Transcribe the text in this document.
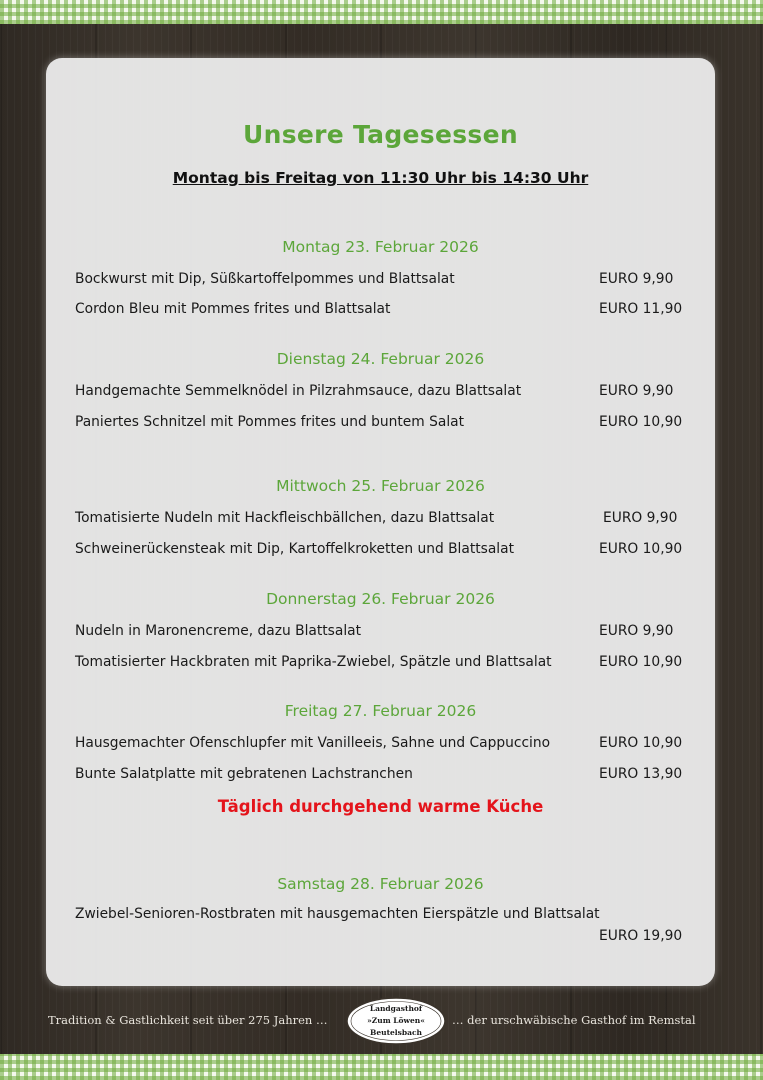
Unsere Tagesessen
Montag bis Freitag von 11:30 Uhr bis 14:30 Uhr
Montag 23. Februar 2026
Bockwurst mit Dip, Süßkartoffelpommes und Blattsalat	EURO 9,90
Cordon Bleu mit Pommes frites und Blattsalat	EURO 11,90
Dienstag 24. Februar 2026
Handgemachte Semmelknödel in Pilzrahmsauce, dazu Blattsalat	EURO 9,90
Paniertes Schnitzel mit Pommes frites und buntem Salat	EURO 10,90
Mittwoch 25. Februar 2026
Tomatisierte Nudeln mit Hackfleischbällchen, dazu Blattsalat	EURO 9,90
Schweinerückensteak mit Dip, Kartoffelkroketten und Blattsalat	EURO 10,90
Donnerstag 26. Februar 2026
Nudeln in Maronencreme, dazu Blattsalat	EURO 9,90
Tomatisierter Hackbraten mit Paprika-Zwiebel, Spätzle und Blattsalat	EURO 10,90
Freitag 27. Februar 2026
Hausgemachter Ofenschlupfer mit Vanilleeis, Sahne und Cappuccino	EURO 10,90
Bunte Salatplatte mit gebratenen Lachstranchen	EURO 13,90
Täglich durchgehend warme Küche
Samstag 28. Februar 2026
Zwiebel-Senioren-Rostbraten mit hausgemachten Eierspätzle und Blattsalat
EURO 19,90
Tradition & Gastlichkeit seit über 275 Jahren …
Landgasthof
»Zum Löwen«
Beutelsbach
… der urschwäbische Gasthof im Remstal
